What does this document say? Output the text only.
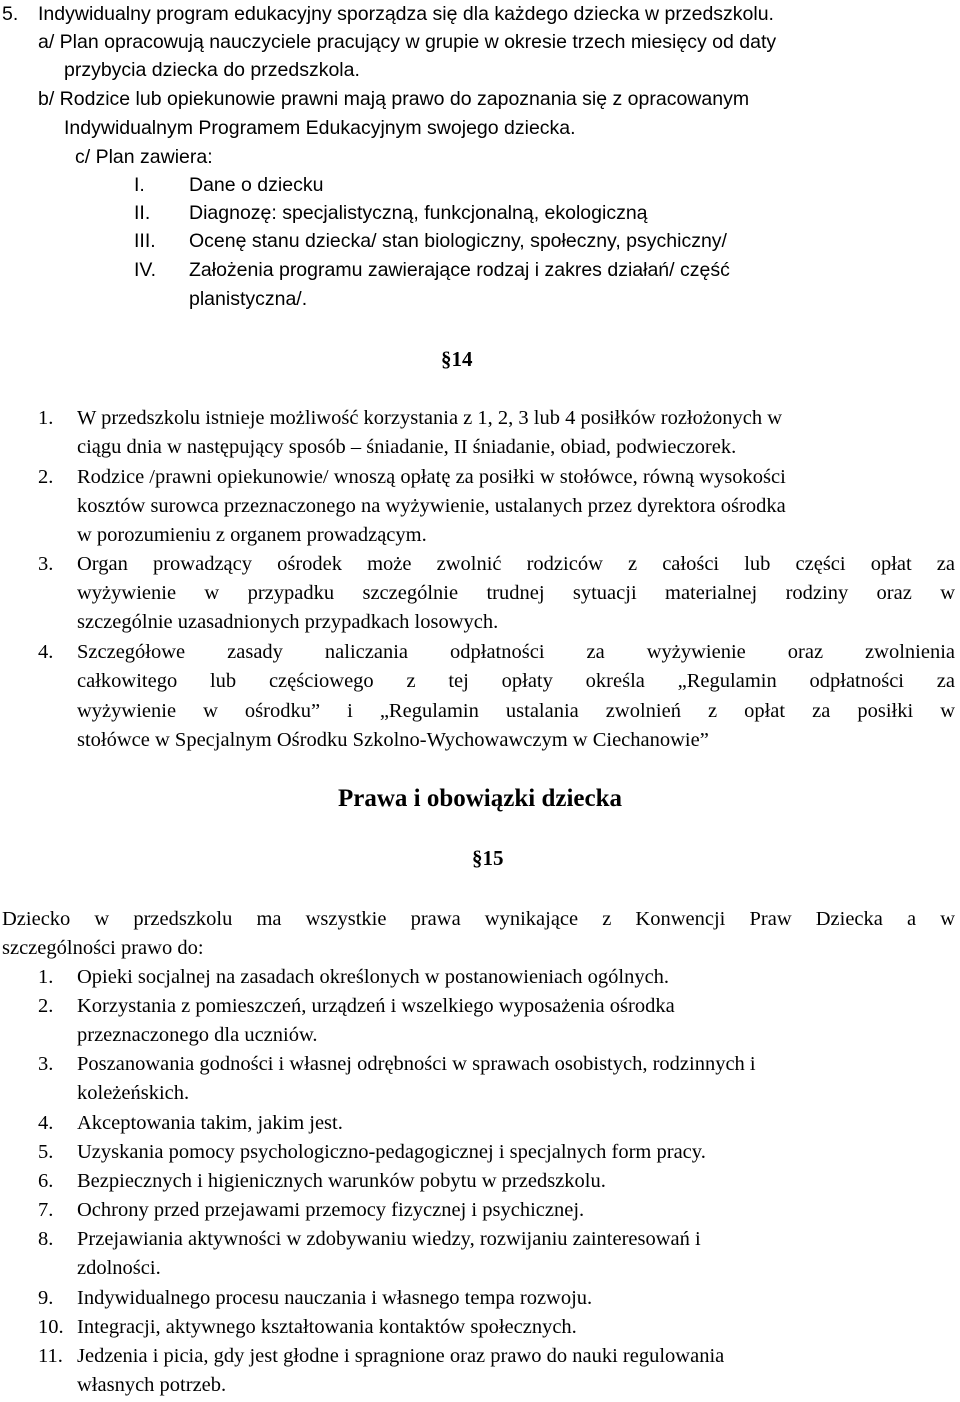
5. Indywidualny program edukacyjny sporządza się dla każdego dziecka w przedszkolu.
a/ Plan opracowują nauczyciele pracujący w grupie w okresie trzech miesięcy od daty
przybycia dziecka do przedszkola.
b/ Rodzice lub opiekunowie prawni mają prawo do zapoznania się z opracowanym
Indywidualnym Programem Edukacyjnym swojego dziecka.
c/ Plan zawiera:
I. Dane o dziecku
II. Diagnozę: specjalistyczną, funkcjonalną, ekologiczną
III. Ocenę stanu dziecka/ stan biologiczny, społeczny, psychiczny/
IV. Założenia programu zawierające rodzaj i zakres działań/ część
planistyczna/.
§14
1. W przedszkolu istnieje możliwość korzystania z 1, 2, 3 lub 4 posiłków rozłożonych w
ciągu dnia w następujący sposób – śniadanie, II śniadanie, obiad, podwieczorek.
2. Rodzice /prawni opiekunowie/ wnoszą opłatę za posiłki w stołówce, równą wysokości
kosztów surowca przeznaczonego na wyżywienie, ustalanych przez dyrektora ośrodka
w porozumieniu z organem prowadzącym.
3. Organ prowadzący ośrodek może zwolnić rodziców z całości lub części opłat za
wyżywienie w przypadku szczególnie trudnej sytuacji materialnej rodziny oraz w
szczególnie uzasadnionych przypadkach losowych.
4. Szczegółowe zasady naliczania odpłatności za wyżywienie oraz zwolnienia
całkowitego lub częściowego z tej opłaty określa „Regulamin odpłatności za
wyżywienie w ośrodku” i „Regulamin ustalania zwolnień z opłat za posiłki w
stołówce w Specjalnym Ośrodku Szkolno-Wychowawczym w Ciechanowie”
Prawa i obowiązki dziecka
§15
Dziecko w przedszkolu ma wszystkie prawa wynikające z Konwencji Praw Dziecka a w
szczególności prawo do:
1. Opieki socjalnej na zasadach określonych w postanowieniach ogólnych.
2. Korzystania z pomieszczeń, urządzeń i wszelkiego wyposażenia ośrodka
przeznaczonego dla uczniów.
3. Poszanowania godności i własnej odrębności w sprawach osobistych, rodzinnych i
koleżeńskich.
4. Akceptowania takim, jakim jest.
5. Uzyskania pomocy psychologiczno-pedagogicznej i specjalnych form pracy.
6. Bezpiecznych i higienicznych warunków pobytu w przedszkolu.
7. Ochrony przed przejawami przemocy fizycznej i psychicznej.
8. Przejawiania aktywności w zdobywaniu wiedzy, rozwijaniu zainteresowań i
zdolności.
9. Indywidualnego procesu nauczania i własnego tempa rozwoju.
10. Integracji, aktywnego kształtowania kontaktów społecznych.
11. Jedzenia i picia, gdy jest głodne i spragnione oraz prawo do nauki regulowania
własnych potrzeb.
